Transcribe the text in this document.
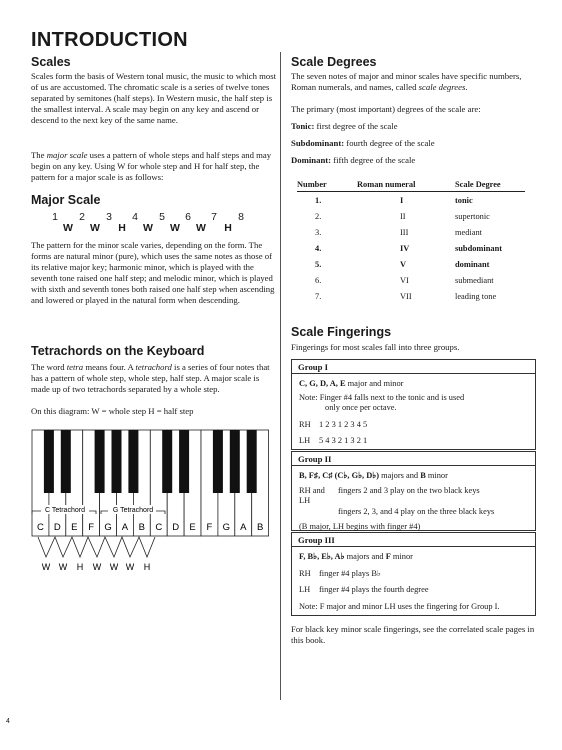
INTRODUCTION
Scales

Scales form the basis of Western tonal music, the music to which most of us are accustomed. The chromatic scale is a series of twelve tones separated by semitones (half steps). In Western music, the half step is the smallest interval. A scale may begin on any key and ascend or descend to the next key of the same name.

The major scale uses a pattern of whole steps and half steps and may begin on any key. Using W for whole step and H for half step, the pattern for a major scale is as follows:

Major Scale
1	2	3	4	5	6	7	8
W	W	H	W	W	W	H

The pattern for the minor scale varies, depending on the form. The forms are natural minor (pure), which uses the same notes as those of its relative major key; harmonic minor, which is played with the seventh tone raised one half step; and melodic minor, which is played with sixth and seventh tones both raised one half step when ascending and lowered or played in the natural form when descending.

Tetrachords on the Keyboard

The word tetra means four. A tetrachord is a series of four notes that has a pattern of whole step, whole step, half step. A major scale is made up of two tetrachords separated by a whole step.

On this diagram: W = whole step H = half step

C D E F G A B C D E F G A B
C Tetrachord	G Tetrachord
W W H W W W H
Scale Degrees

The seven notes of major and minor scales have specific numbers, Roman numerals, and names, called scale degrees.

The primary (most important) degrees of the scale are:

Tonic: first degree of the scale

Subdominant: fourth degree of the scale

Dominant: fifth degree of the scale

Number	Roman numeral	Scale Degree
1.	I	tonic
2.	II	supertonic
3.	III	mediant
4.	IV	subdominant
5.	V	dominant
6.	VI	submediant
7.	VII	leading tone
Scale Fingerings

Fingerings for most scales fall into three groups.

Group I
C, G, D, A, E major and minor
Note: Finger #4 falls next to the tonic and is used
only once per octave.
RH 1 2 3 1 2 3 4 5
LH	5 4 3 2 1 3 2 1
Group II
B, F♯, C♯ (C♭, G♭, D♭) majors and B minor
RH and LH
fingers 2 and 3 play on the two black keys
fingers 2, 3, and 4 play on the three black keys
(B major, LH begins with finger #4)
Group III
F, B♭, E♭, A♭ majors and F minor
RH finger #4 plays B♭
LH	finger #4 plays the fourth degree
Note: F major and minor LH uses the fingering for Group I.

For black key minor scale fingerings, see the correlated scale pages in this book.

4
